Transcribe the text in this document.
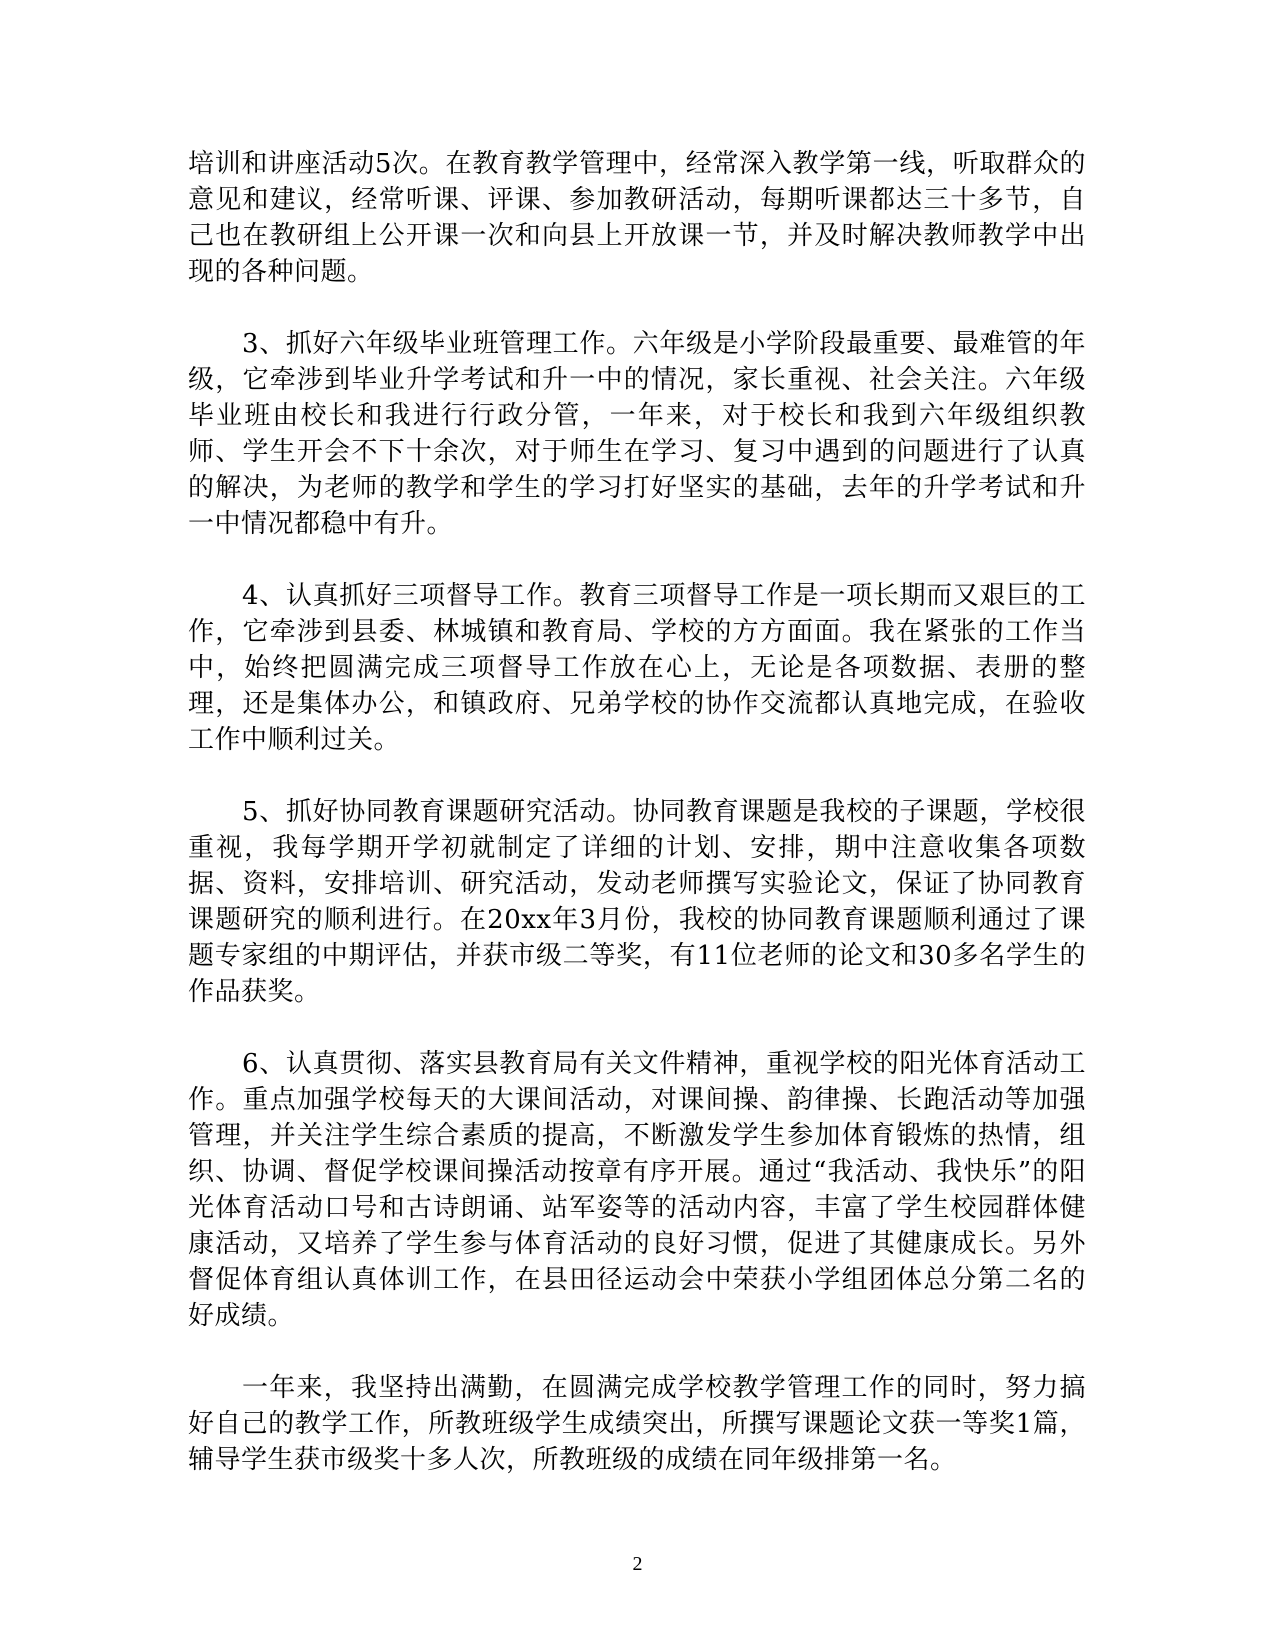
培训和讲座活动5次。在教育教学管理中，经常深入教学第一线，听取群众的意见和建议，经常听课、评课、参加教研活动，每期听课都达三十多节，自己也在教研组上公开课一次和向县上开放课一节，并及时解决教师教学中出现的各种问题。

3、抓好六年级毕业班管理工作。六年级是小学阶段最重要、最难管的年级，它牵涉到毕业升学考试和升一中的情况，家长重视、社会关注。六年级毕业班由校长和我进行行政分管，一年来，对于校长和我到六年级组织教师、学生开会不下十余次，对于师生在学习、复习中遇到的问题进行了认真的解决，为老师的教学和学生的学习打好坚实的基础，去年的升学考试和升一中情况都稳中有升。

4、认真抓好三项督导工作。教育三项督导工作是一项长期而又艰巨的工作，它牵涉到县委、林城镇和教育局、学校的方方面面。我在紧张的工作当中，始终把圆满完成三项督导工作放在心上，无论是各项数据、表册的整理，还是集体办公，和镇政府、兄弟学校的协作交流都认真地完成，在验收工作中顺利过关。

5、抓好协同教育课题研究活动。协同教育课题是我校的子课题，学校很重视，我每学期开学初就制定了详细的计划、安排，期中注意收集各项数据、资料，安排培训、研究活动，发动老师撰写实验论文，保证了协同教育课题研究的顺利进行。在20xx年3月份，我校的协同教育课题顺利通过了课题专家组的中期评估，并获市级二等奖，有11位老师的论文和30多名学生的作品获奖。

6、认真贯彻、落实县教育局有关文件精神，重视学校的阳光体育活动工作。重点加强学校每天的大课间活动，对课间操、韵律操、长跑活动等加强管理，并关注学生综合素质的提高，不断激发学生参加体育锻炼的热情，组织、协调、督促学校课间操活动按章有序开展。通过“我活动、我快乐”的阳光体育活动口号和古诗朗诵、站军姿等的活动内容，丰富了学生校园群体健康活动，又培养了学生参与体育活动的良好习惯，促进了其健康成长。另外督促体育组认真体训工作，在县田径运动会中荣获小学组团体总分第二名的好成绩。

一年来，我坚持出满勤，在圆满完成学校教学管理工作的同时，努力搞好自己的教学工作，所教班级学生成绩突出，所撰写课题论文获一等奖1篇，辅导学生获市级奖十多人次，所教班级的成绩在同年级排第一名。

2
